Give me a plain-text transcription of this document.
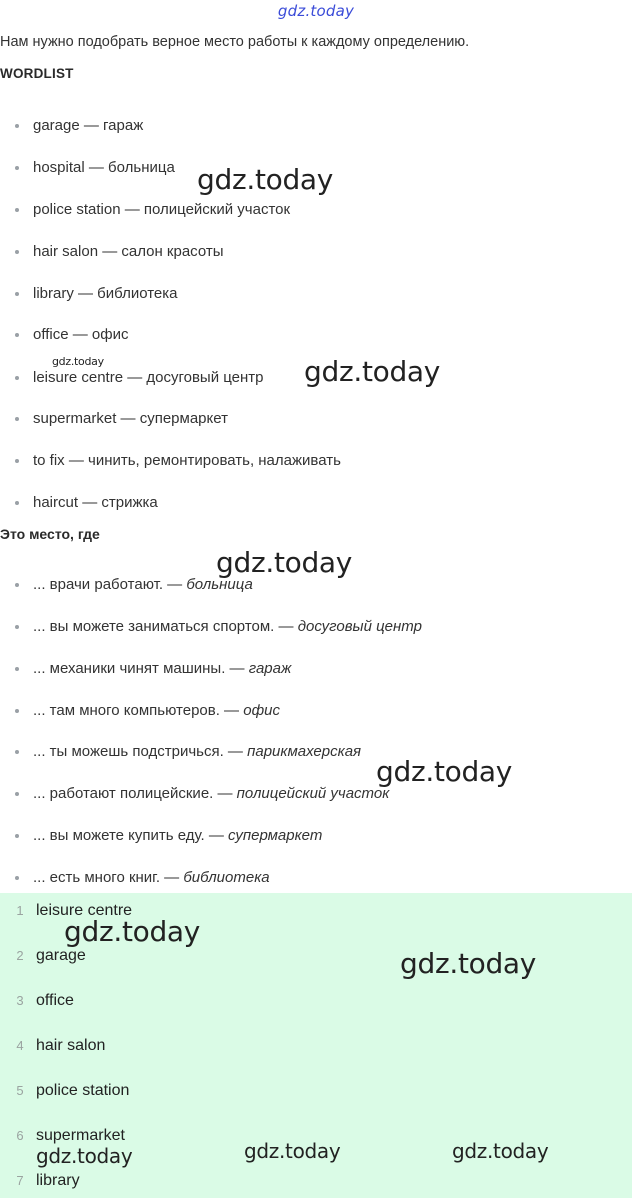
gdz.today
Нам нужно подобрать верное место работы к каждому определению.
WORDLIST
garage — гараж
hospital — больница
police station — полицейский участок
hair salon — салон красоты
library — библиотека
office — офис
leisure centre — досуговый центр
supermarket — супермаркет
to fix — чинить, ремонтировать, налаживать
haircut — стрижка
Это место, где
... врачи работают. — больница
... вы можете заниматься спортом. — досуговый центр
... механики чинят машины. — гараж
... там много компьютеров. — офис
... ты можешь подстричься. — парикмахерская
... работают полицейские. — полицейский участок
... вы можете купить еду. — супермаркет
... есть много книг. — библиотека
1 leisure centre
2 garage
3 office
4 hair salon
5 police station
6 supermarket
7 library
gdz.today
gdz.today	gdz.today
gdz.today
gdz.today
gdz.today
gdz.today
gdz.today	gdz.today	gdz.today
